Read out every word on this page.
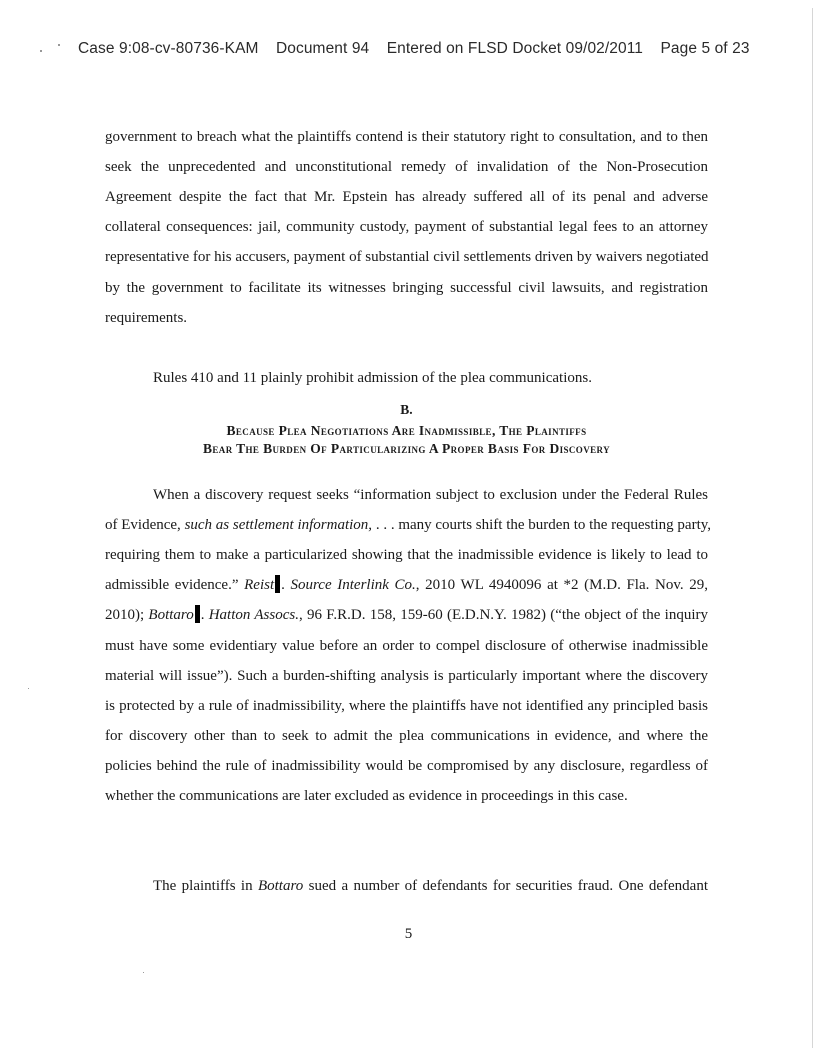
Case 9:08-cv-80736-KAM Document 94 Entered on FLSD Docket 09/02/2011 Page 5 of 23
government to breach what the plaintiffs contend is their statutory right to consultation, and to then
seek the unprecedented and unconstitutional remedy of invalidation of the Non-Prosecution
Agreement despite the fact that Mr. Epstein has already suffered all of its penal and adverse
collateral consequences: jail, community custody, payment of substantial legal fees to an attorney
representative for his accusers, payment of substantial civil settlements driven by waivers negotiated
by the government to facilitate its witnesses bringing successful civil lawsuits, and registration
requirements.
Rules 410 and 11 plainly prohibit admission of the plea communications.
B.
Because Plea Negotiations Are Inadmissible, The Plaintiffs
Bear The Burden Of Particularizing A Proper Basis For Discovery
When a discovery request seeks “information subject to exclusion under the Federal Rules
of Evidence, such as settlement information, . . . many courts shift the burden to the requesting party,
requiring them to make a particularized showing that the inadmissible evidence is likely to lead to
admissible evidence.” Reist . Source Interlink Co., 2010 WL 4940096 at *2 (M.D. Fla. Nov. 29,
2010); Bottaro . Hatton Assocs., 96 F.R.D. 158, 159-60 (E.D.N.Y. 1982) (“the object of the inquiry
must have some evidentiary value before an order to compel disclosure of otherwise inadmissible
material will issue”). Such a burden-shifting analysis is particularly important where the discovery
is protected by a rule of inadmissibility, where the plaintiffs have not identified any principled basis
for discovery other than to seek to admit the plea communications in evidence, and where the
policies behind the rule of inadmissibility would be compromised by any disclosure, regardless of
whether the communications are later excluded as evidence in proceedings in this case.
The plaintiffs in Bottaro sued a number of defendants for securities fraud. One defendant
5
